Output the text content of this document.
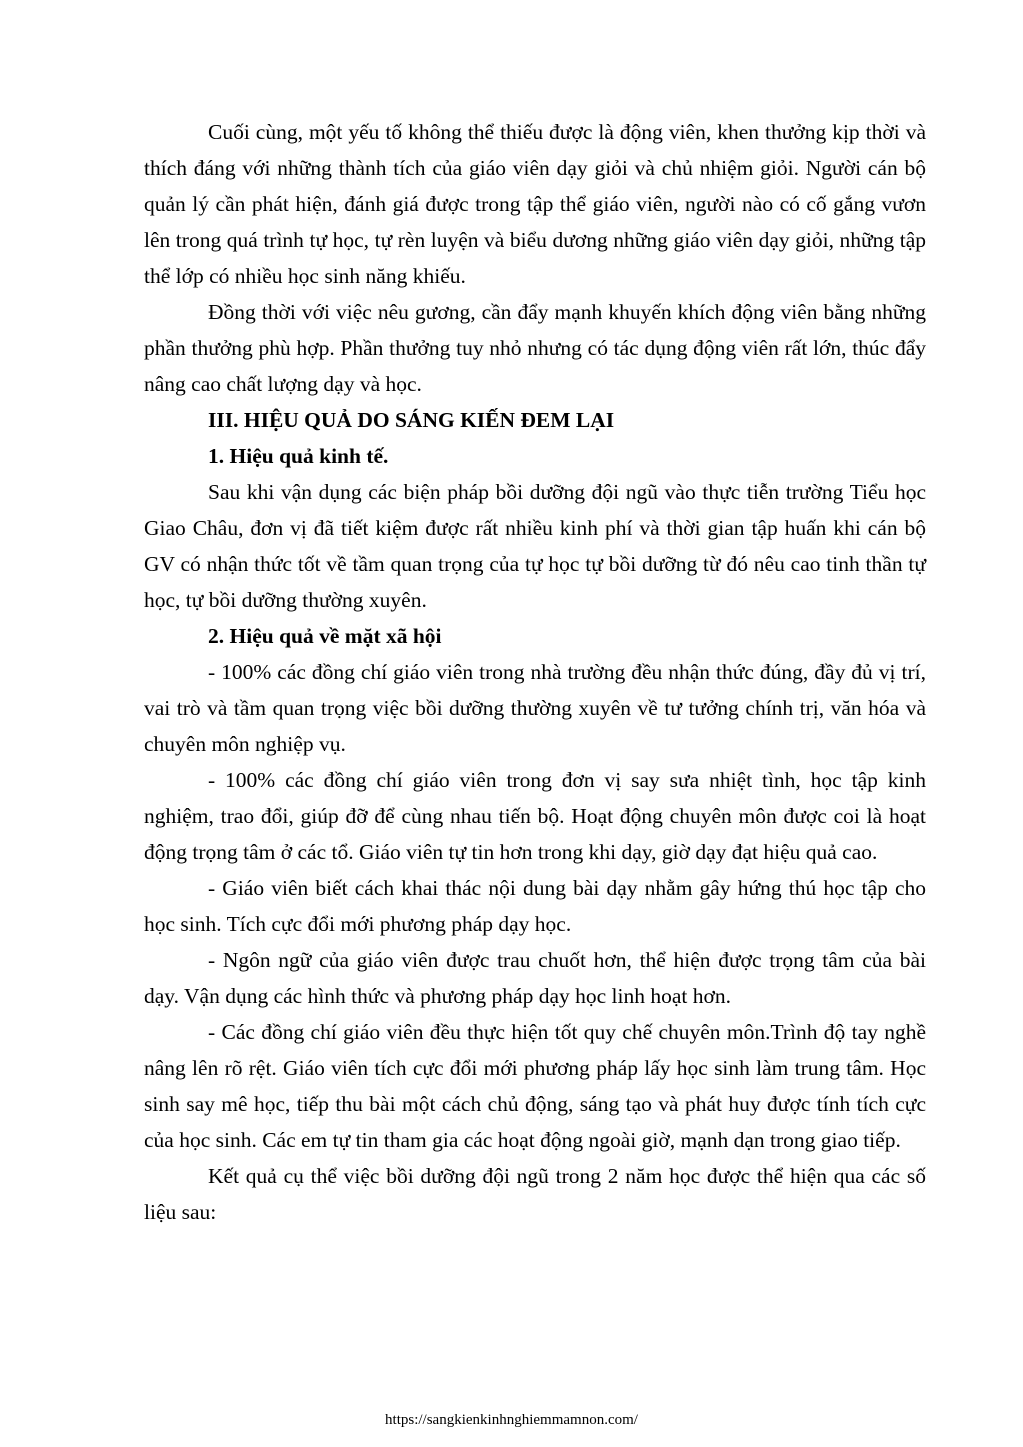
Cuối cùng, một yếu tố không thể thiếu được là động viên, khen thưởng kịp thời và thích đáng với những thành tích của giáo viên dạy giỏi và chủ nhiệm giỏi. Người cán bộ quản lý cần phát hiện, đánh giá được trong tập thể giáo viên, người nào có cố gắng vươn lên trong quá trình tự học, tự rèn luyện và biểu dương những giáo viên dạy giỏi, những tập thể lớp có nhiều học sinh năng khiếu.

Đồng thời với việc nêu gương, cần đẩy mạnh khuyến khích động viên bằng những phần thưởng phù hợp. Phần thưởng tuy nhỏ nhưng có tác dụng động viên rất lớn, thúc đẩy nâng cao chất lượng dạy và học.

III. HIỆU QUẢ DO SÁNG KIẾN ĐEM LẠI

1. Hiệu quả kinh tế.

Sau khi vận dụng các biện pháp bồi dưỡng đội ngũ vào thực tiễn trường Tiểu học Giao Châu, đơn vị đã tiết kiệm được rất nhiều kinh phí và thời gian tập huấn khi cán bộ GV có nhận thức tốt về tầm quan trọng của tự học tự bồi dưỡng từ đó nêu cao tinh thần tự học, tự bồi dưỡng thường xuyên.

2. Hiệu quả về mặt xã hội

- 100% các đồng chí giáo viên trong nhà trường đều nhận thức đúng, đầy đủ vị trí, vai trò và tầm quan trọng việc bồi dưỡng thường xuyên về tư tưởng chính trị, văn hóa và chuyên môn nghiệp vụ.

- 100% các đồng chí giáo viên trong đơn vị say sưa nhiệt tình, học tập kinh nghiệm, trao đổi, giúp đỡ để cùng nhau tiến bộ. Hoạt động chuyên môn được coi là hoạt động trọng tâm ở các tổ. Giáo viên tự tin hơn trong khi dạy, giờ dạy đạt hiệu quả cao.

- Giáo viên biết cách khai thác nội dung bài dạy nhằm gây hứng thú học tập cho học sinh. Tích cực đổi mới phương pháp dạy học.

- Ngôn ngữ của giáo viên được trau chuốt hơn, thể hiện được trọng tâm của bài dạy. Vận dụng các hình thức và phương pháp dạy học linh hoạt hơn.

- Các đồng chí giáo viên đều thực hiện tốt quy chế chuyên môn.Trình độ tay nghề nâng lên rõ rệt. Giáo viên tích cực đổi mới phương pháp lấy học sinh làm trung tâm. Học sinh say mê học, tiếp thu bài một cách chủ động, sáng tạo và phát huy được tính tích cực của học sinh. Các em tự tin tham gia các hoạt động ngoài giờ, mạnh dạn trong giao tiếp.

Kết quả cụ thể việc bồi dưỡng đội ngũ trong 2 năm học được thể hiện qua các số liệu sau:

https://sangkienkinhnghiemmamnon.com/
